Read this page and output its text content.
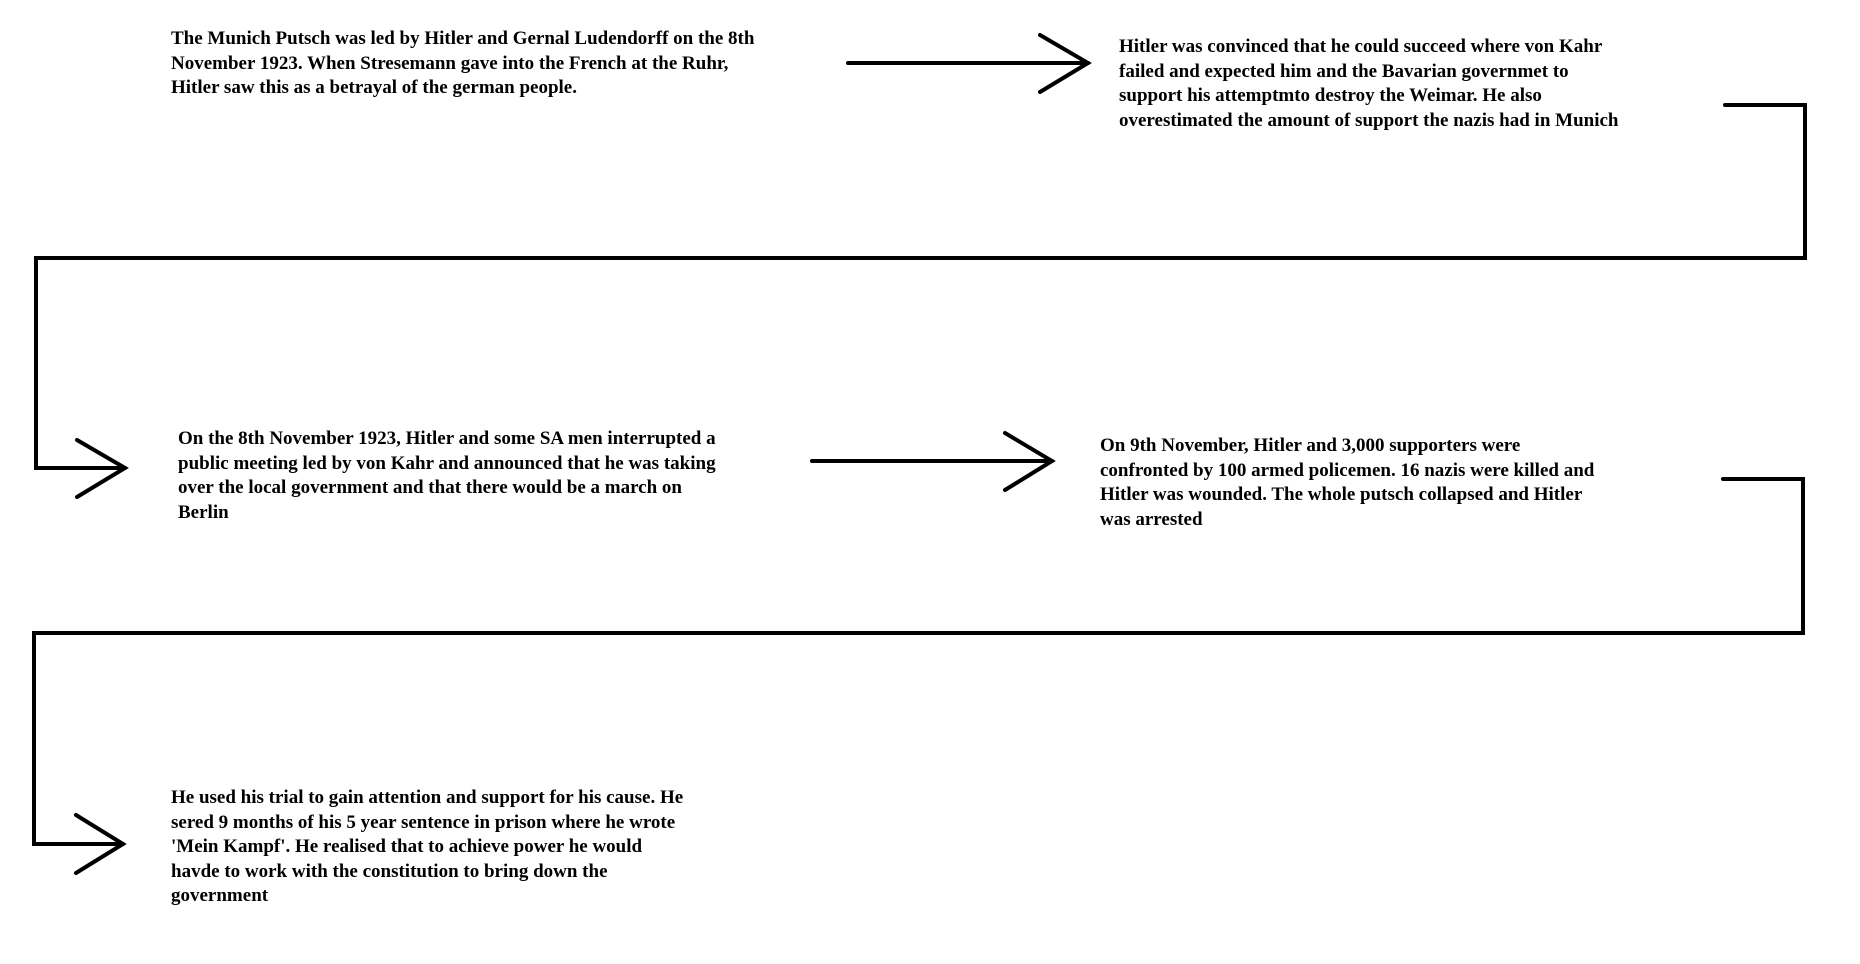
The Munich Putsch was led by Hitler and Gernal Ludendorff on the 8th
November 1923. When Stresemann gave into the French at the Ruhr,
Hitler saw this as a betrayal of the german people.

Hitler was convinced that he could succeed where von Kahr
failed and expected him and the Bavarian governmet to
support his attemptmto destroy the Weimar. He also
overestimated the amount of support the nazis had in Munich

On the 8th November 1923, Hitler and some SA men interrupted a
public meeting led by von Kahr and announced that he was taking
over the local government and that there would be a march on
Berlin

On 9th November, Hitler and 3,000 supporters were
confronted by 100 armed policemen. 16 nazis were killed and
Hitler was wounded. The whole putsch collapsed and Hitler
was arrested

He used his trial to gain attention and support for his cause. He
sered 9 months of his 5 year sentence in prison where he wrote
'Mein Kampf'. He realised that to achieve power he would
havde to work with the constitution to bring down the
government
